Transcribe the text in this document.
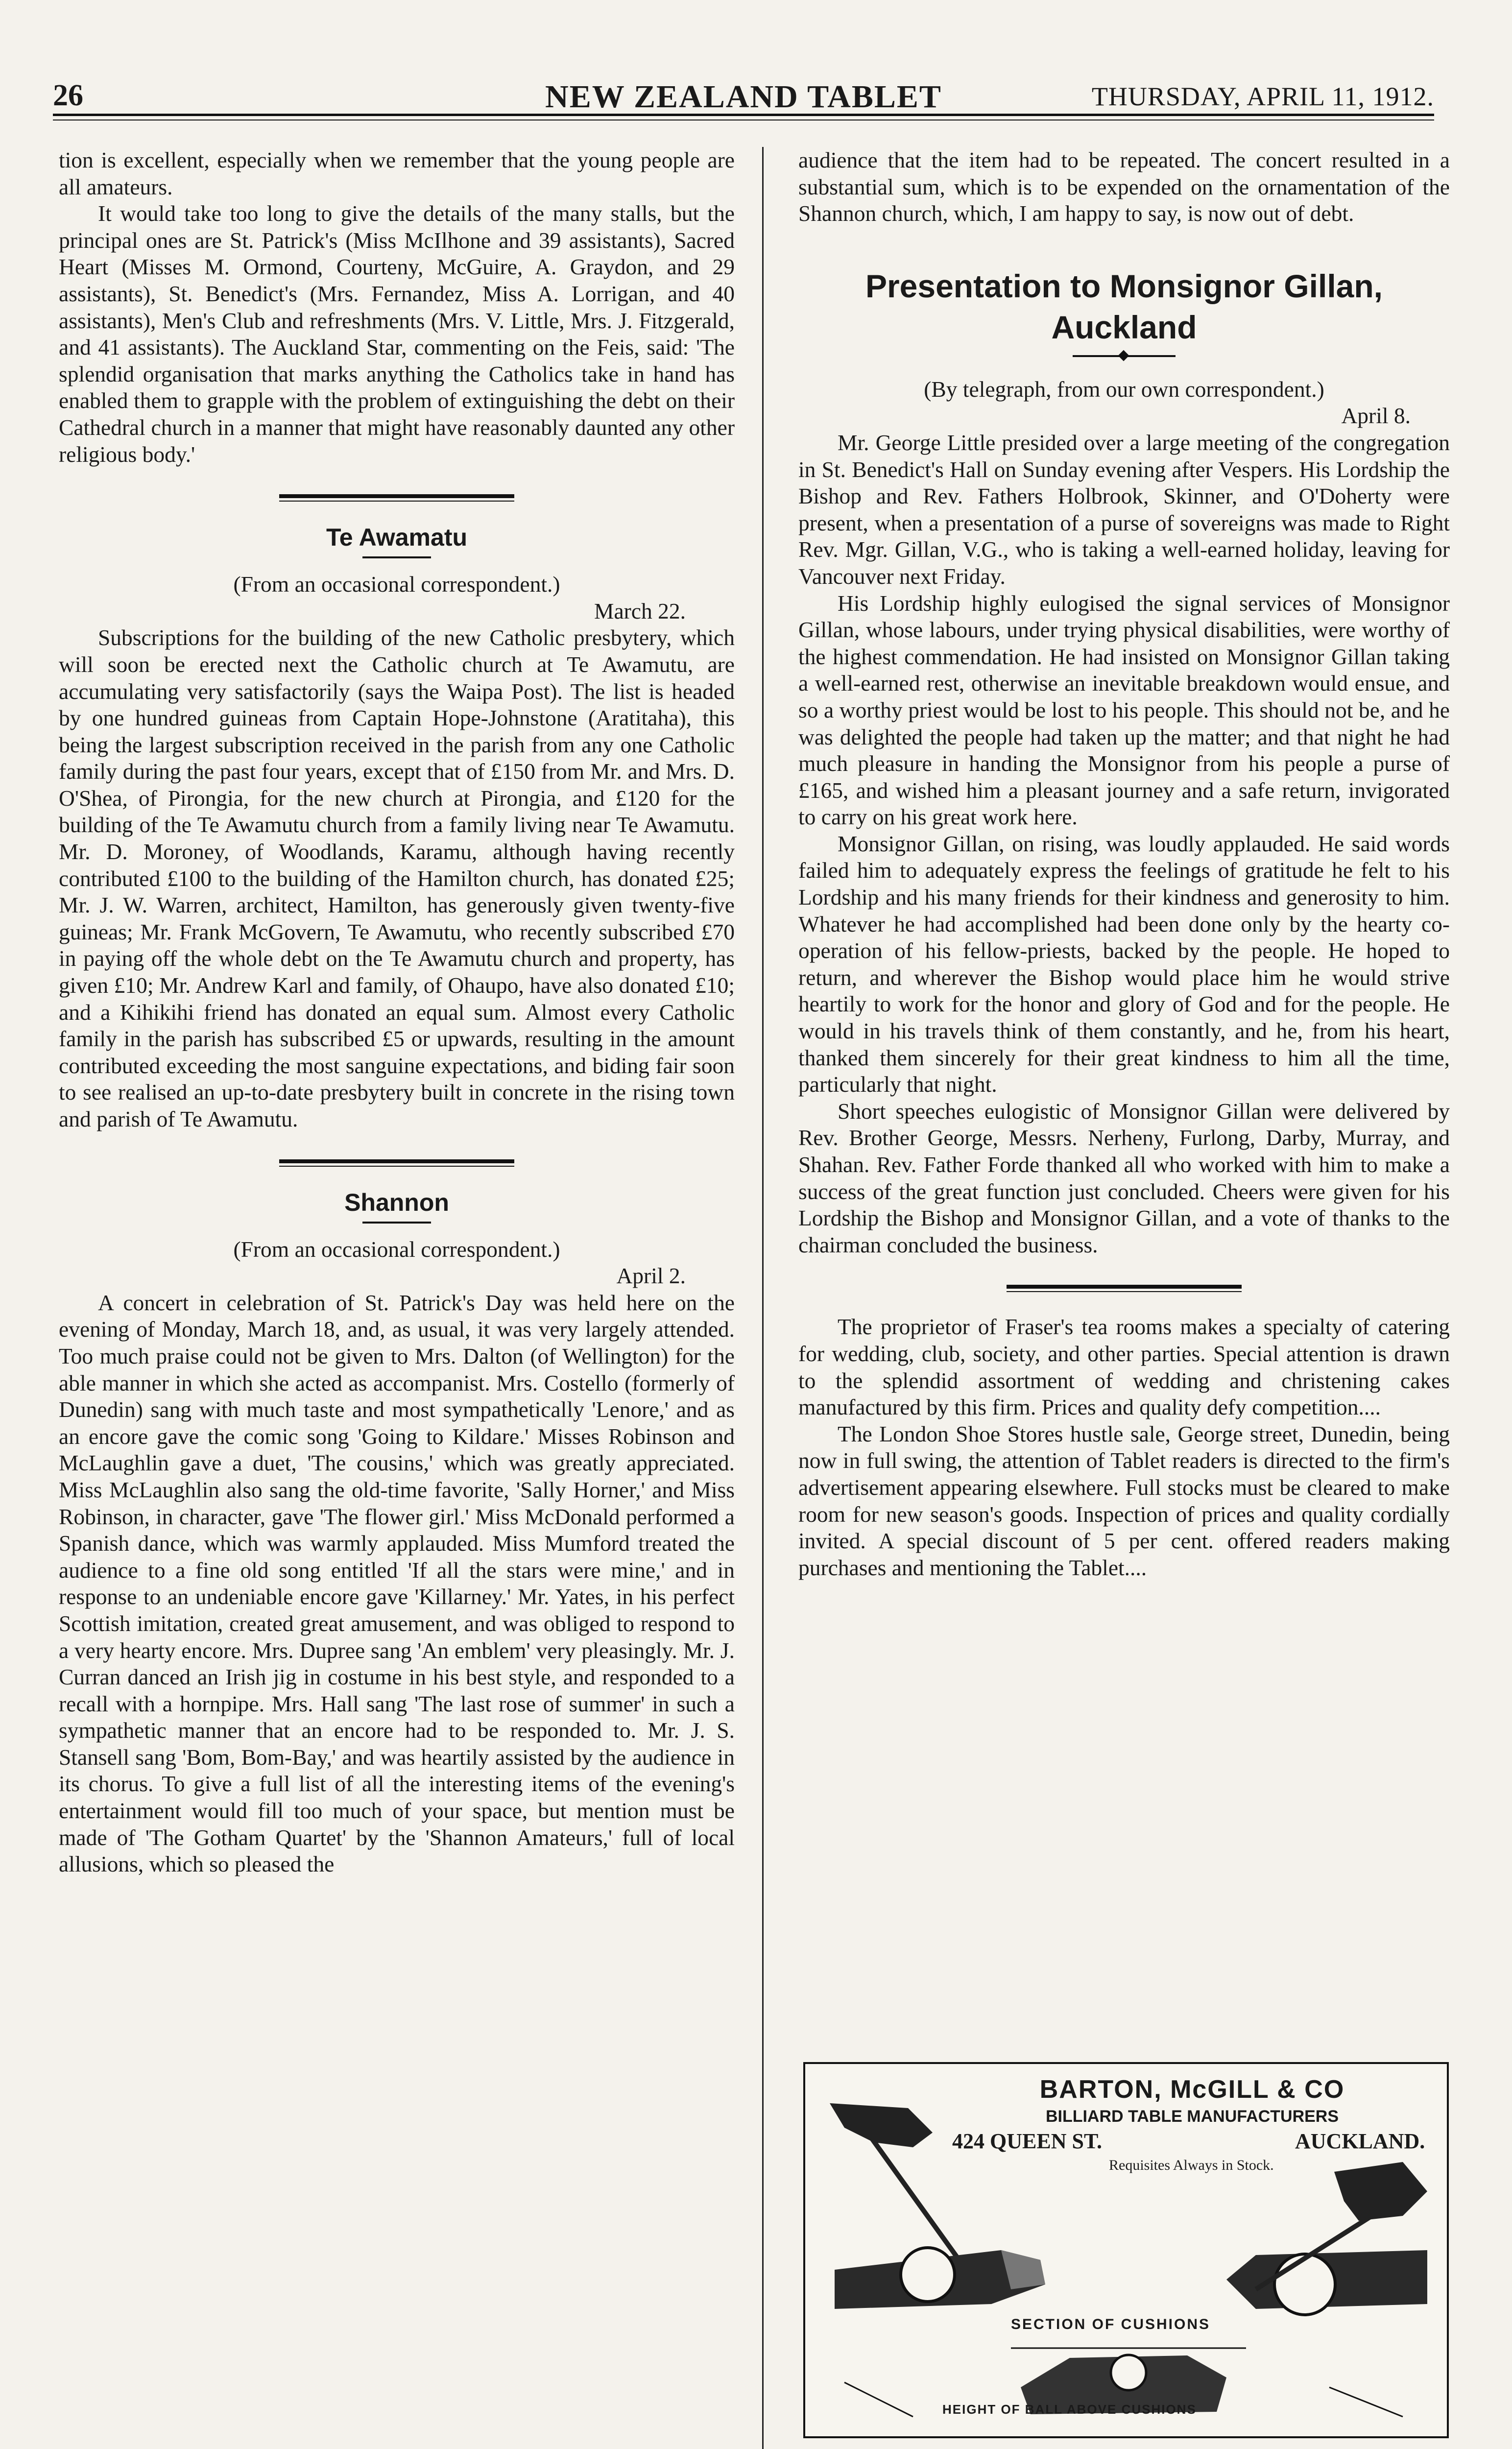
26	NEW ZEALAND TABLET	THURSDAY, APRIL 11, 1912.

tion is excellent, especially when we remember that the young people are all amateurs.

It would take too long to give the details of the many stalls, but the principal ones are St. Patrick's (Miss McIlhone and 39 assistants), Sacred Heart (Misses M. Ormond, Courteny, McGuire, A. Graydon, and 29 assistants), St. Benedict's (Mrs. Fernandez, Miss A. Lorrigan, and 40 assistants), Men's Club and refreshments (Mrs. V. Little, Mrs. J. Fitzgerald, and 41 assistants). The Auckland Star, commenting on the Feis, said: 'The splendid organisation that marks anything the Catholics take in hand has enabled them to grapple with the problem of extinguishing the debt on their Cathedral church in a manner that might have reasonably daunted any other religious body.'

Te Awamatu

(From an occasional correspondent.)

March 22.

Subscriptions for the building of the new Catholic presbytery, which will soon be erected next the Catholic church at Te Awamutu, are accumulating very satisfactorily (says the Waipa Post). The list is headed by one hundred guineas from Captain Hope-Johnstone (Aratitaha), this being the largest subscription received in the parish from any one Catholic family during the past four years, except that of £150 from Mr. and Mrs. D. O'Shea, of Pirongia, for the new church at Pirongia, and £120 for the building of the Te Awamutu church from a family living near Te Awamutu. Mr. D. Moroney, of Woodlands, Karamu, although having recently contributed £100 to the building of the Hamilton church, has donated £25; Mr. J. W. Warren, architect, Hamilton, has generously given twenty-five guineas; Mr. Frank McGovern, Te Awamutu, who recently subscribed £70 in paying off the whole debt on the Te Awamutu church and property, has given £10; Mr. Andrew Karl and family, of Ohaupo, have also donated £10; and a Kihikihi friend has donated an equal sum. Almost every Catholic family in the parish has subscribed £5 or upwards, resulting in the amount contributed exceeding the most sanguine expectations, and biding fair soon to see realised an up-to-date presbytery built in concrete in the rising town and parish of Te Awamutu.

Shannon

(From an occasional correspondent.)

April 2.

A concert in celebration of St. Patrick's Day was held here on the evening of Monday, March 18, and, as usual, it was very largely attended. Too much praise could not be given to Mrs. Dalton (of Wellington) for the able manner in which she acted as accompanist. Mrs. Costello (formerly of Dunedin) sang with much taste and most sympathetically 'Lenore,' and as an encore gave the comic song 'Going to Kildare.' Misses Robinson and McLaughlin gave a duet, 'The cousins,' which was greatly appreciated. Miss McLaughlin also sang the old-time favorite, 'Sally Horner,' and Miss Robinson, in character, gave 'The flower girl.' Miss McDonald performed a Spanish dance, which was warmly applauded. Miss Mumford treated the audience to a fine old song entitled 'If all the stars were mine,' and in response to an undeniable encore gave 'Killarney.' Mr. Yates, in his perfect Scottish imitation, created great amusement, and was obliged to respond to a very hearty encore. Mrs. Dupree sang 'An emblem' very pleasingly. Mr. J. Curran danced an Irish jig in costume in his best style, and responded to a recall with a hornpipe. Mrs. Hall sang 'The last rose of summer' in such a sympathetic manner that an encore had to be responded to. Mr. J. S. Stansell sang 'Bom, Bom-Bay,' and was heartily assisted by the audience in its chorus. To give a full list of all the interesting items of the evening's entertainment would fill too much of your space, but mention must be made of 'The Gotham Quartet' by the 'Shannon Amateurs,' full of local allusions, which so pleased the

audience that the item had to be repeated. The concert resulted in a substantial sum, which is to be expended on the ornamentation of the Shannon church, which, I am happy to say, is now out of debt.

Presentation to Monsignor Gillan, Auckland

(By telegraph, from our own correspondent.)

April 8.

Mr. George Little presided over a large meeting of the congregation in St. Benedict's Hall on Sunday evening after Vespers. His Lordship the Bishop and Rev. Fathers Holbrook, Skinner, and O'Doherty were present, when a presentation of a purse of sovereigns was made to Right Rev. Mgr. Gillan, V.G., who is taking a well-earned holiday, leaving for Vancouver next Friday.

His Lordship highly eulogised the signal services of Monsignor Gillan, whose labours, under trying physical disabilities, were worthy of the highest commendation. He had insisted on Monsignor Gillan taking a well-earned rest, otherwise an inevitable breakdown would ensue, and so a worthy priest would be lost to his people. This should not be, and he was delighted the people had taken up the matter; and that night he had much pleasure in handing the Monsignor from his people a purse of £165, and wished him a pleasant journey and a safe return, invigorated to carry on his great work here.

Monsignor Gillan, on rising, was loudly applauded. He said words failed him to adequately express the feelings of gratitude he felt to his Lordship and his many friends for their kindness and generosity to him. Whatever he had accomplished had been done only by the hearty co-operation of his fellow-priests, backed by the people. He hoped to return, and wherever the Bishop would place him he would strive heartily to work for the honor and glory of God and for the people. He would in his travels think of them constantly, and he, from his heart, thanked them sincerely for their great kindness to him all the time, particularly that night.

Short speeches eulogistic of Monsignor Gillan were delivered by Rev. Brother George, Messrs. Nerheny, Furlong, Darby, Murray, and Shahan. Rev. Father Forde thanked all who worked with him to make a success of the great function just concluded. Cheers were given for his Lordship the Bishop and Monsignor Gillan, and a vote of thanks to the chairman concluded the business.

The proprietor of Fraser's tea rooms makes a specialty of catering for wedding, club, society, and other parties. Special attention is drawn to the splendid assortment of wedding and christening cakes manufactured by this firm. Prices and quality defy competition....

The London Shoe Stores hustle sale, George street, Dunedin, being now in full swing, the attention of Tablet readers is directed to the firm's advertisement appearing elsewhere. Full stocks must be cleared to make room for new season's goods. Inspection of prices and quality cordially invited. A special discount of 5 per cent. offered readers making purchases and mentioning the Tablet....

BARTON, McGILL & CO
BILLIARD TABLE MANUFACTURERS
424 QUEEN ST.	AUCKLAND.
Requisites Always in Stock.
SECTION OF CUSHIONS
HEIGHT OF BALL ABOVE CUSHIONS
